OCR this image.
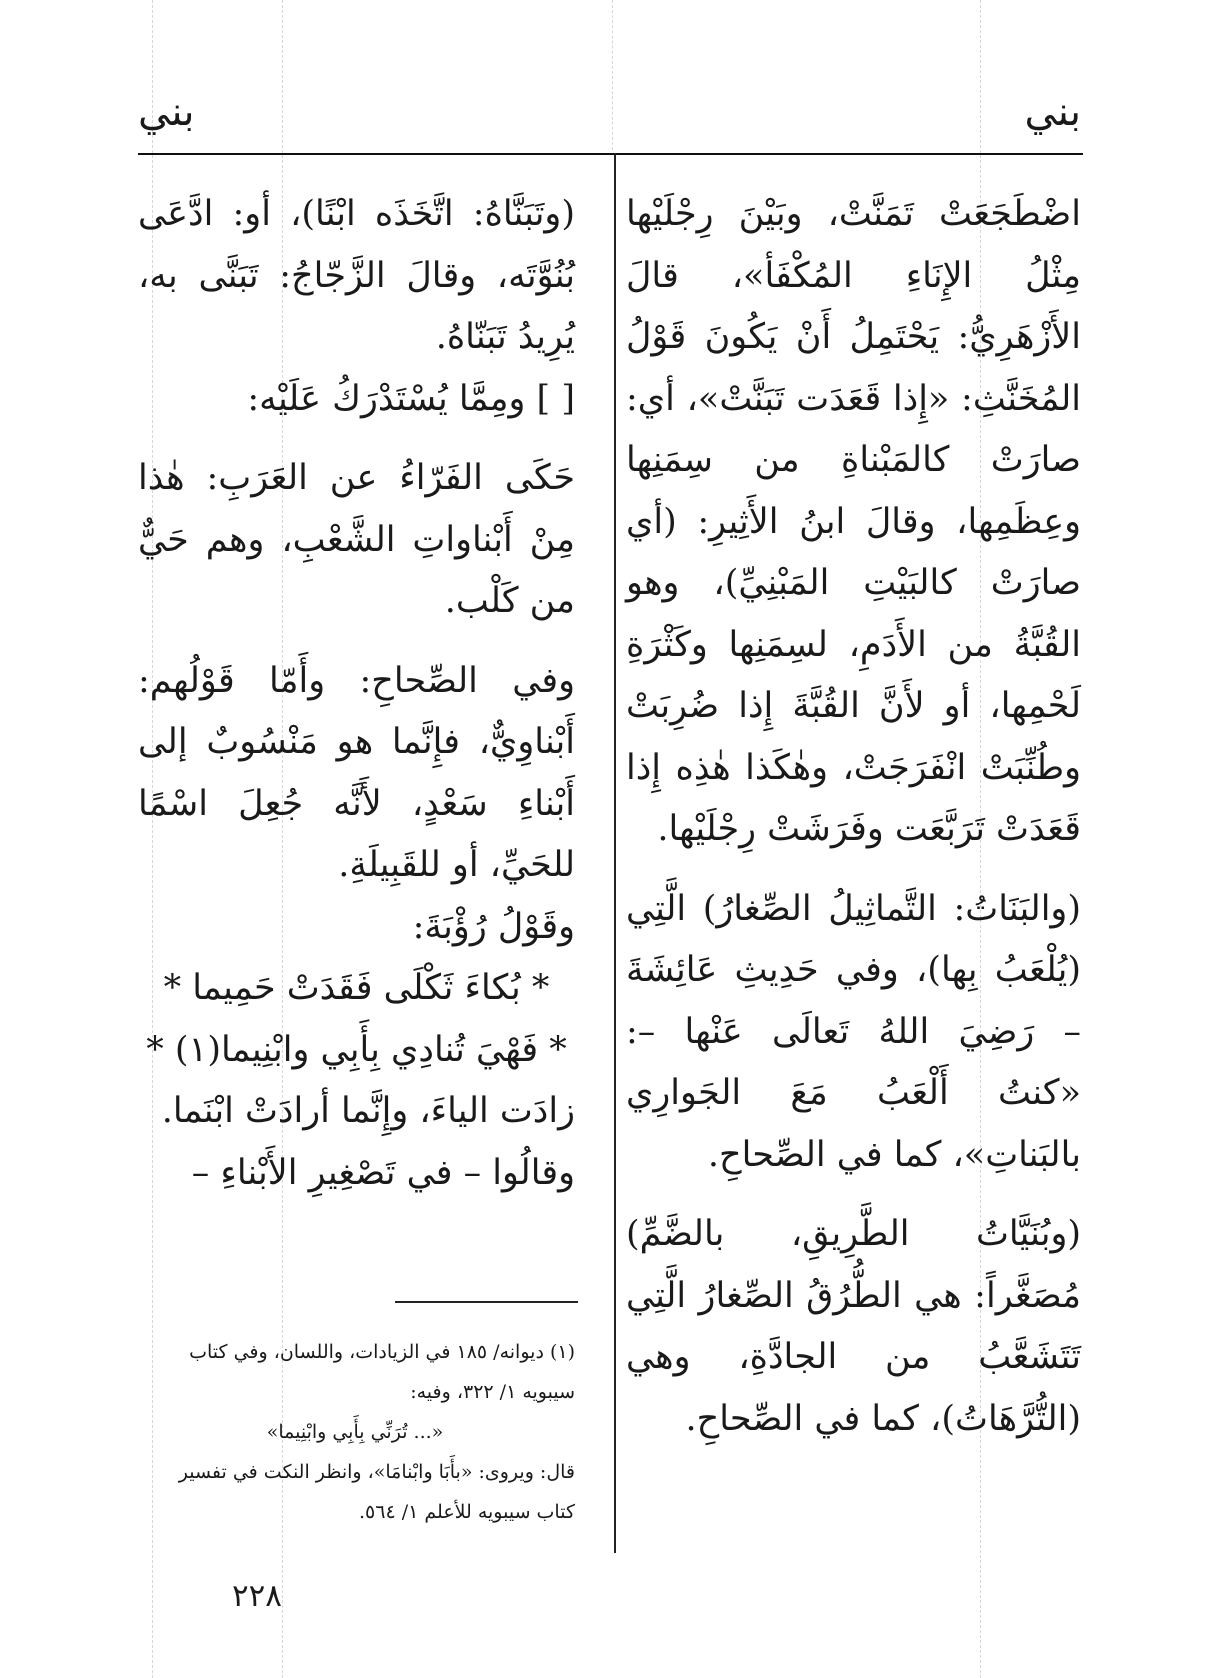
بني
بني

اضْطَجَعَتْ تَمَنَّتْ، وبَيْنَ رِجْلَيْها مِثْلُ الإِنَاءِ المُكْفَأ»، قالَ الأَزْهَرِيُّ: يَحْتَمِلُ أَنْ يَكُونَ قَوْلُ المُخَنَّثِ: «إِذا قَعَدَت تَبَنَّتْ»، أي: صارَتْ كالمَبْناةِ من سِمَنِها وعِظَمِها، وقالَ ابنُ الأَثِيرِ: (أي صارَتْ كالبَيْتِ المَبْنِيِّ)، وهو القُبَّةُ من الأَدَمِ، لسِمَنِها وكَثْرَةِ لَحْمِها، أو لأَنَّ القُبَّةَ إِذا ضُرِبَتْ وطُنِّبَتْ انْفَرَجَتْ، وهٰكَذا هٰذِه إِذا قَعَدَتْ تَرَبَّعَت وفَرَشَتْ رِجْلَيْها.

(والبَنَاتُ: التَّماثِيلُ الصِّغارُ) الَّتِي (يُلْعَبُ بِها)، وفي حَدِيثِ عَائِشَةَ – رَضِيَ اللهُ تَعالَى عَنْها –: «كنتُ أَلْعَبُ مَعَ الجَوارِي بالبَناتِ»، كما في الصِّحاحِ.

(وبُنَيَّاتُ الطَّرِيقِ، بالضَّمِّ) مُصَغَّراً: هي الطُّرُقُ الصِّغارُ الَّتِي تَتَشَعَّبُ من الجادَّةِ، وهي (التُّرَّهَاتُ)، كما في الصِّحاحِ.

(وتَبَنَّاهُ: اتَّخَذَه ابْنًا)، أو: ادَّعَى بُنُوَّتَه، وقالَ الزَّجّاجُ: تَبَنَّى به، يُرِيدُ تَبَنّاهُ.

[ ] ومِمَّا يُسْتَدْرَكُ عَلَيْه:

حَكَى الفَرّاءُ عن العَرَبِ: هٰذا مِنْ أَبْناواتِ الشَّعْبِ، وهم حَيٌّ من كَلْب.

وفي الصِّحاحِ: وأَمّا قَوْلُهم: أَبْناوِيٌّ، فإِنَّما هو مَنْسُوبٌ إلى أَبْناءِ سَعْدٍ، لأَنَّه جُعِلَ اسْمًا للحَيِّ، أو للقَبِيلَةِ.

وقَوْلُ رُؤْبَةَ:

* بُكاءَ ثَكْلَى فَقَدَتْ حَمِيما *

* فَهْيَ تُنادِي بِأَبِي وابْنِيما(١) *

زادَت الياءَ، وإِنَّما أرادَتْ ابْنَما.

وقالُوا – في تَصْغِيرِ الأَبْناءِ –

(١) ديوانه/ ١٨٥ في الزيادات، واللسان، وفي كتاب سيبويه ١/ ٣٢٢، وفيه:

«... تُرَنِّي بِأَبِي وابْنِيما»

قال: ويروى: «بأَبَا وابْنامَا»، وانظر النكت في تفسير كتاب سيبويه للأعلم ١/ ٥٦٤.

٢٢٨
